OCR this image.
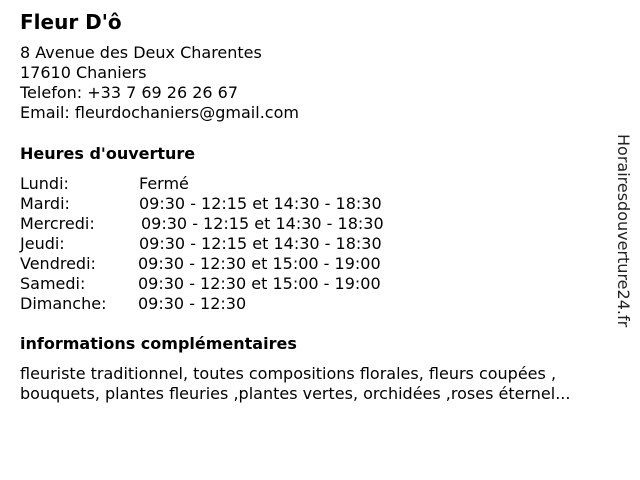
Fleur D'ô
8 Avenue des Deux Charentes
17610 Chaniers
Telefon: +33 7 69 26 26 67
Email: fleurdochaniers@gmail.com
Heures d'ouverture
Lundi:	Fermé
Mardi:	09:30 - 12:15 et 14:30 - 18:30
Mercredi:	09:30 - 12:15 et 14:30 - 18:30
Jeudi:	09:30 - 12:15 et 14:30 - 18:30
Vendredi:	09:30 - 12:30 et 15:00 - 19:00
Samedi:	09:30 - 12:30 et 15:00 - 19:00
Dimanche: 09:30 - 12:30
informations complémentaires
fleuriste traditionnel, toutes compositions florales, fleurs coupées ,
bouquets, plantes fleuries ,plantes vertes, orchidées ,roses éternel...
Horairesdouverture24.fr
